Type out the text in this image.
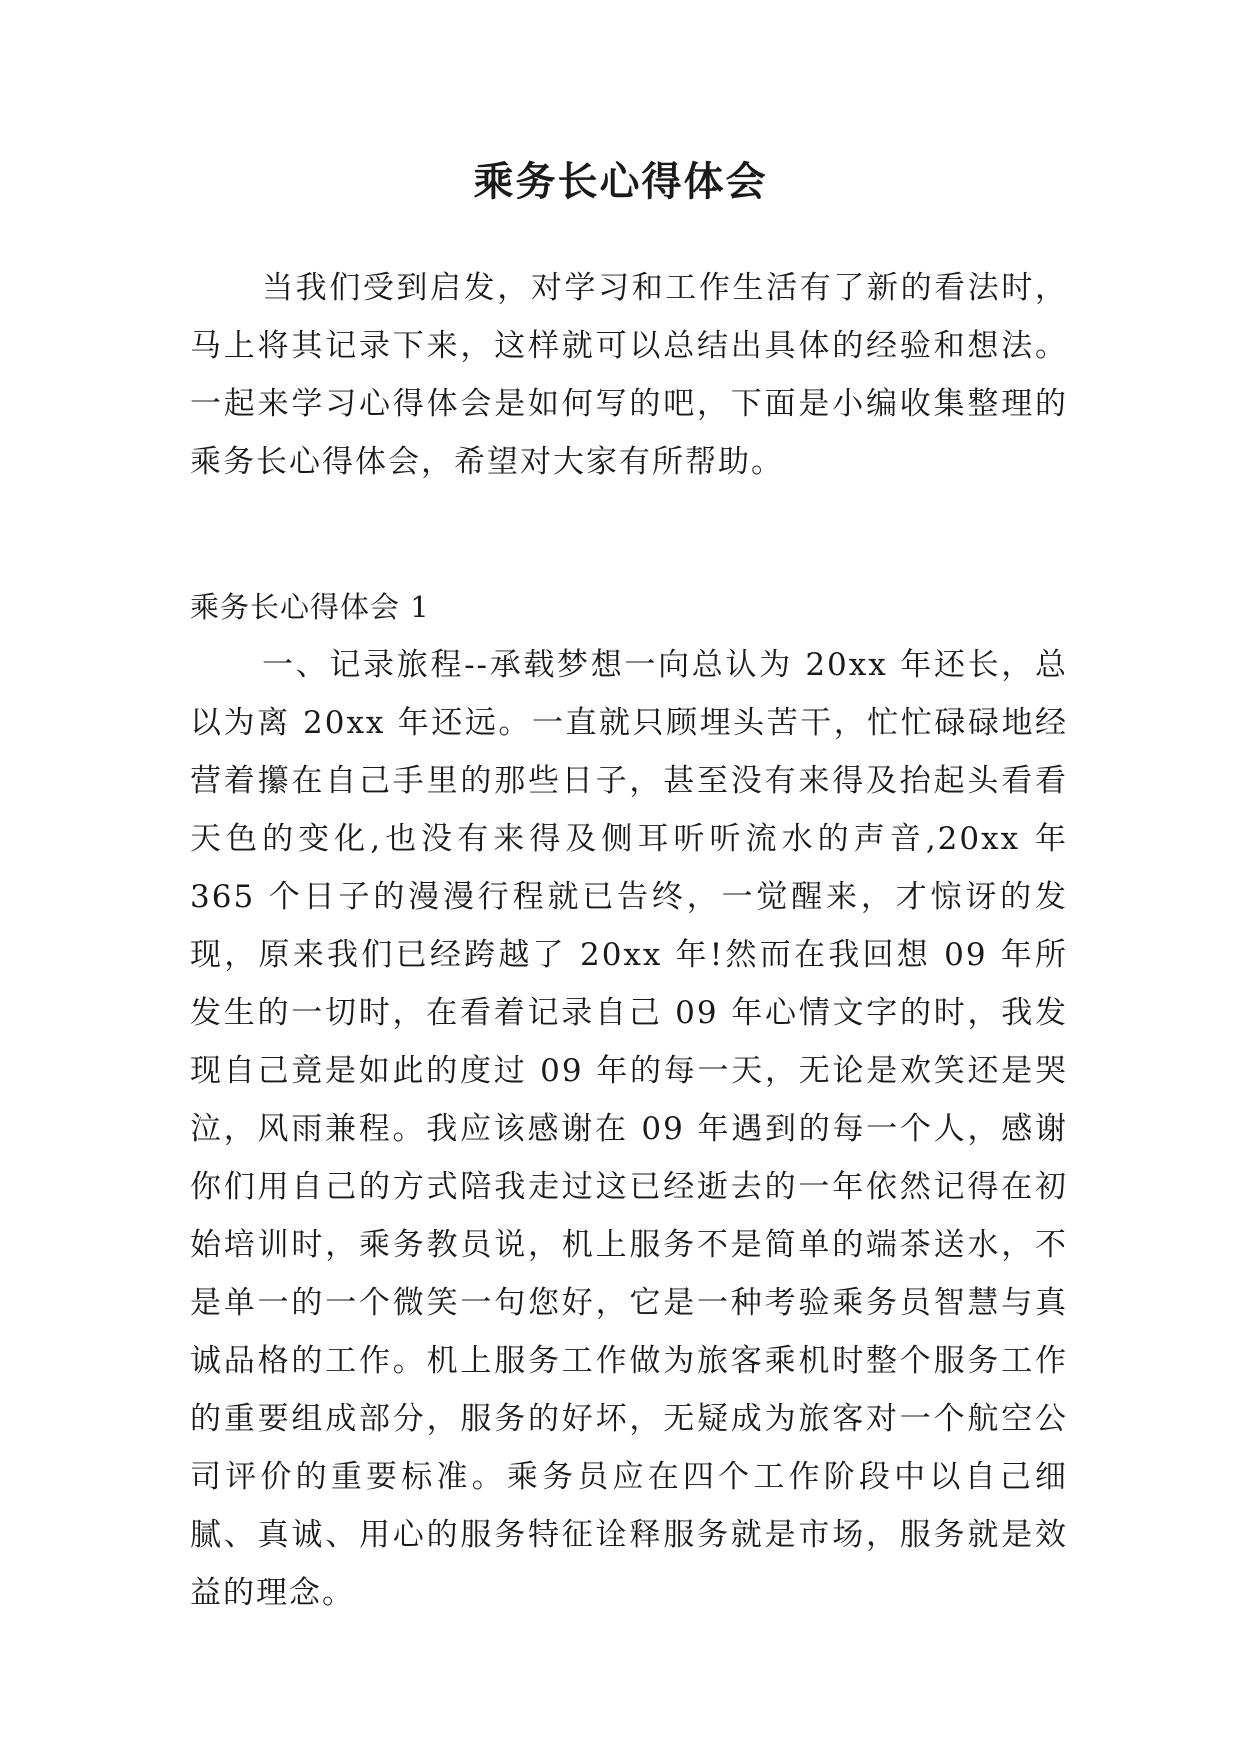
乘务长心得体会

当我们受到启发，对学习和工作生活有了新的看法时，马上将其记录下来，这样就可以总结出具体的经验和想法。一起来学习心得体会是如何写的吧，下面是小编收集整理的乘务长心得体会，希望对大家有所帮助。

乘务长心得体会 1

一、记录旅程--承载梦想一向总认为 20xx 年还长，总以为离 20xx 年还远。一直就只顾埋头苦干，忙忙碌碌地经营着攥在自己手里的那些日子，甚至没有来得及抬起头看看天色的变化,也没有来得及侧耳听听流水的声音,20xx 年 365 个日子的漫漫行程就已告终，一觉醒来，才惊讶的发现，原来我们已经跨越了 20xx 年!然而在我回想 09 年所发生的一切时，在看着记录自己 09 年心情文字的时，我发现自己竟是如此的度过 09 年的每一天，无论是欢笑还是哭泣，风雨兼程。我应该感谢在 09 年遇到的每一个人，感谢你们用自己的方式陪我走过这已经逝去的一年依然记得在初始培训时，乘务教员说，机上服务不是简单的端茶送水，不是单一的一个微笑一句您好，它是一种考验乘务员智慧与真诚品格的工作。机上服务工作做为旅客乘机时整个服务工作的重要组成部分，服务的好坏，无疑成为旅客对一个航空公司评价的重要标准。乘务员应在四个工作阶段中以自己细腻、真诚、用心的服务特征诠释服务就是市场，服务就是效益的理念。
